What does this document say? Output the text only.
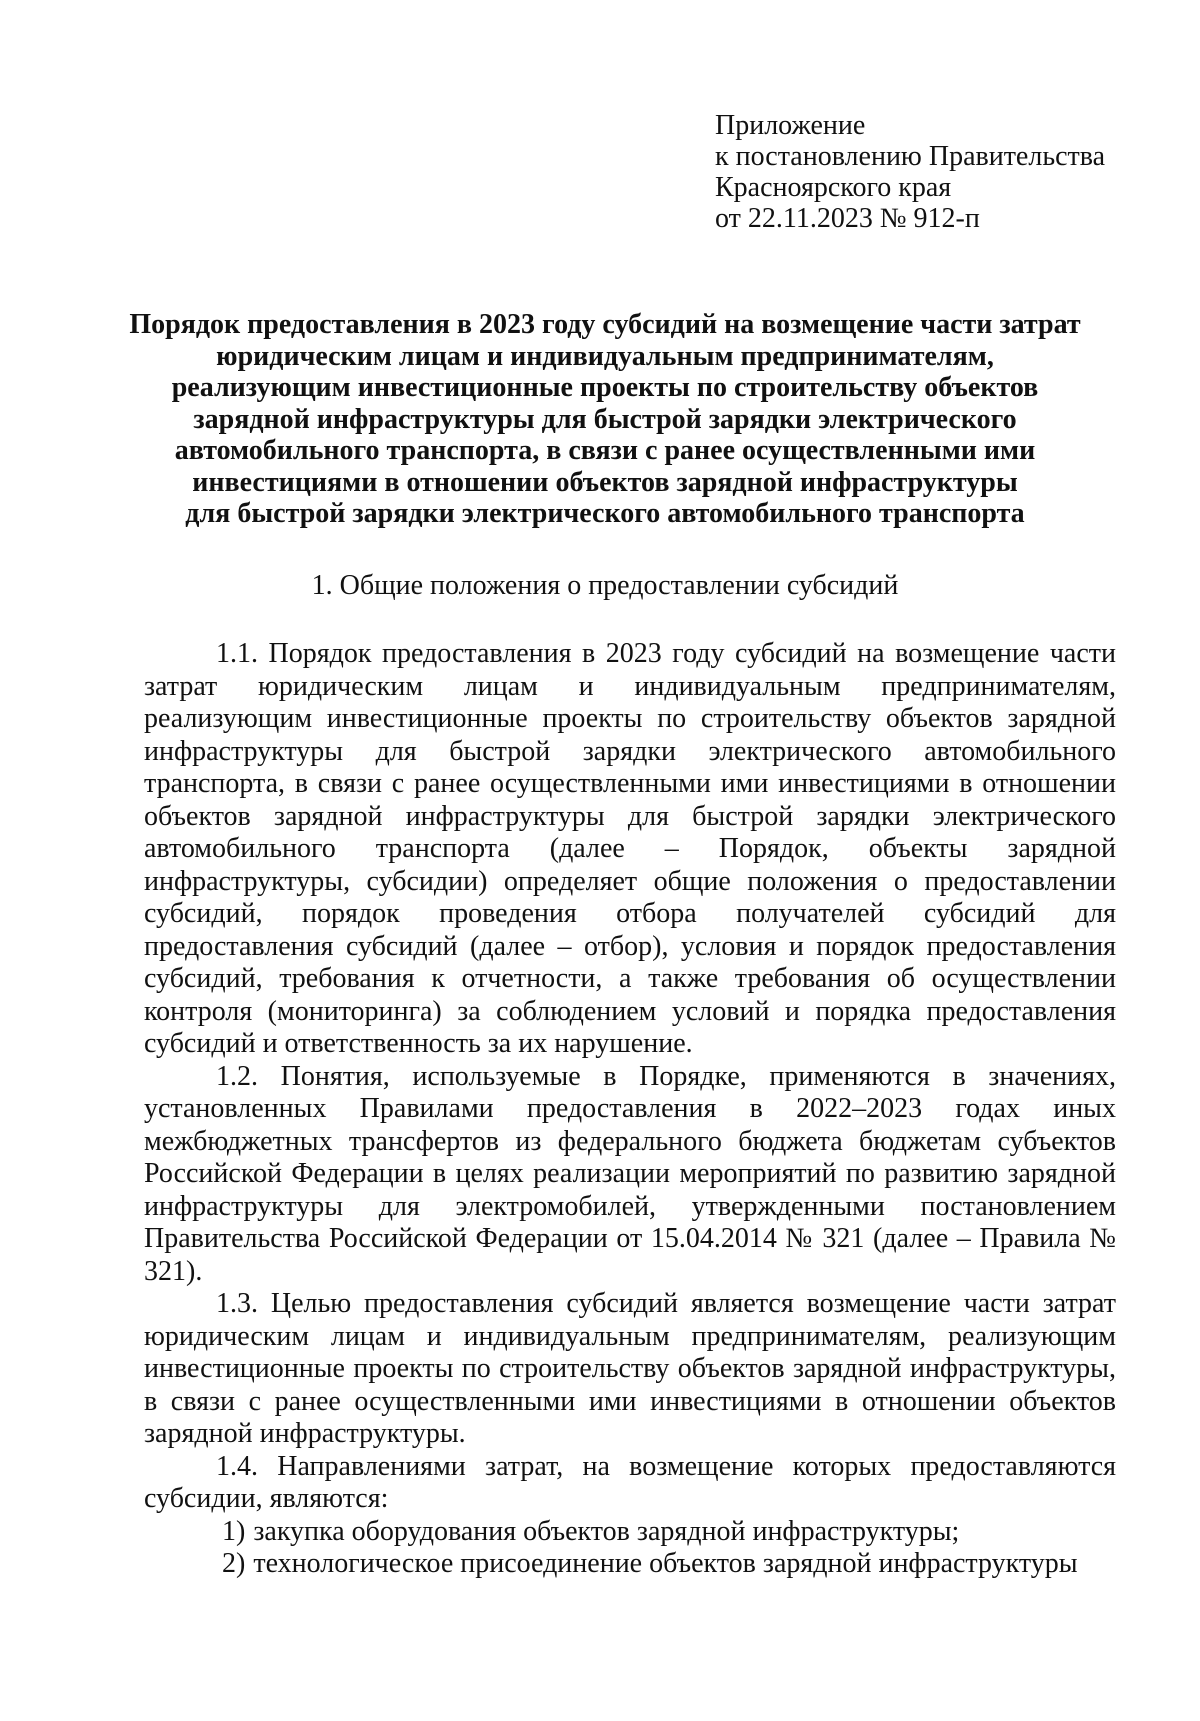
Приложение
к постановлению Правительства
Красноярского края
от 22.11.2023 № 912-п
Порядок предоставления в 2023 году субсидий на возмещение части затрат
юридическим лицам и индивидуальным предпринимателям,
реализующим инвестиционные проекты по строительству объектов
зарядной инфраструктуры для быстрой зарядки электрического
автомобильного транспорта, в связи с ранее осуществленными ими
инвестициями в отношении объектов зарядной инфраструктуры
для быстрой зарядки электрического автомобильного транспорта
1. Общие положения о предоставлении субсидий

1.1. Порядок предоставления в 2023 году субсидий на возмещение части затрат юридическим лицам и индивидуальным предпринимателям, реализующим инвестиционные проекты по строительству объектов зарядной инфраструктуры для быстрой зарядки электрического автомобильного транспорта, в связи с ранее осуществленными ими инвестициями в отношении объектов зарядной инфраструктуры для быстрой зарядки электрического автомобильного транспорта (далее – Порядок, объекты зарядной инфраструктуры, субсидии) определяет общие положения о предоставлении субсидий, порядок проведения отбора получателей субсидий для предоставления субсидий (далее – отбор), условия и порядок предоставления субсидий, требования к отчетности, а также требования об осуществлении контроля (мониторинга) за соблюдением условий и порядка предоставления субсидий и ответственность за их нарушение.

1.2. Понятия, используемые в Порядке, применяются в значениях, установленных Правилами предоставления в 2022–2023 годах иных межбюджетных трансфертов из федерального бюджета бюджетам субъектов Российской Федерации в целях реализации мероприятий по развитию зарядной инфраструктуры для электромобилей, утвержденными постановлением Правительства Российской Федерации от 15.04.2014 № 321 (далее – Правила № 321).

1.3. Целью предоставления субсидий является возмещение части затрат юридическим лицам и индивидуальным предпринимателям, реализующим инвестиционные проекты по строительству объектов зарядной инфраструктуры, в связи с ранее осуществленными ими инвестициями в отношении объектов зарядной инфраструктуры.

1.4. Направлениями затрат, на возмещение которых предоставляются субсидии, являются:

1) закупка оборудования объектов зарядной инфраструктуры;

2) технологическое присоединение объектов зарядной инфраструктуры
